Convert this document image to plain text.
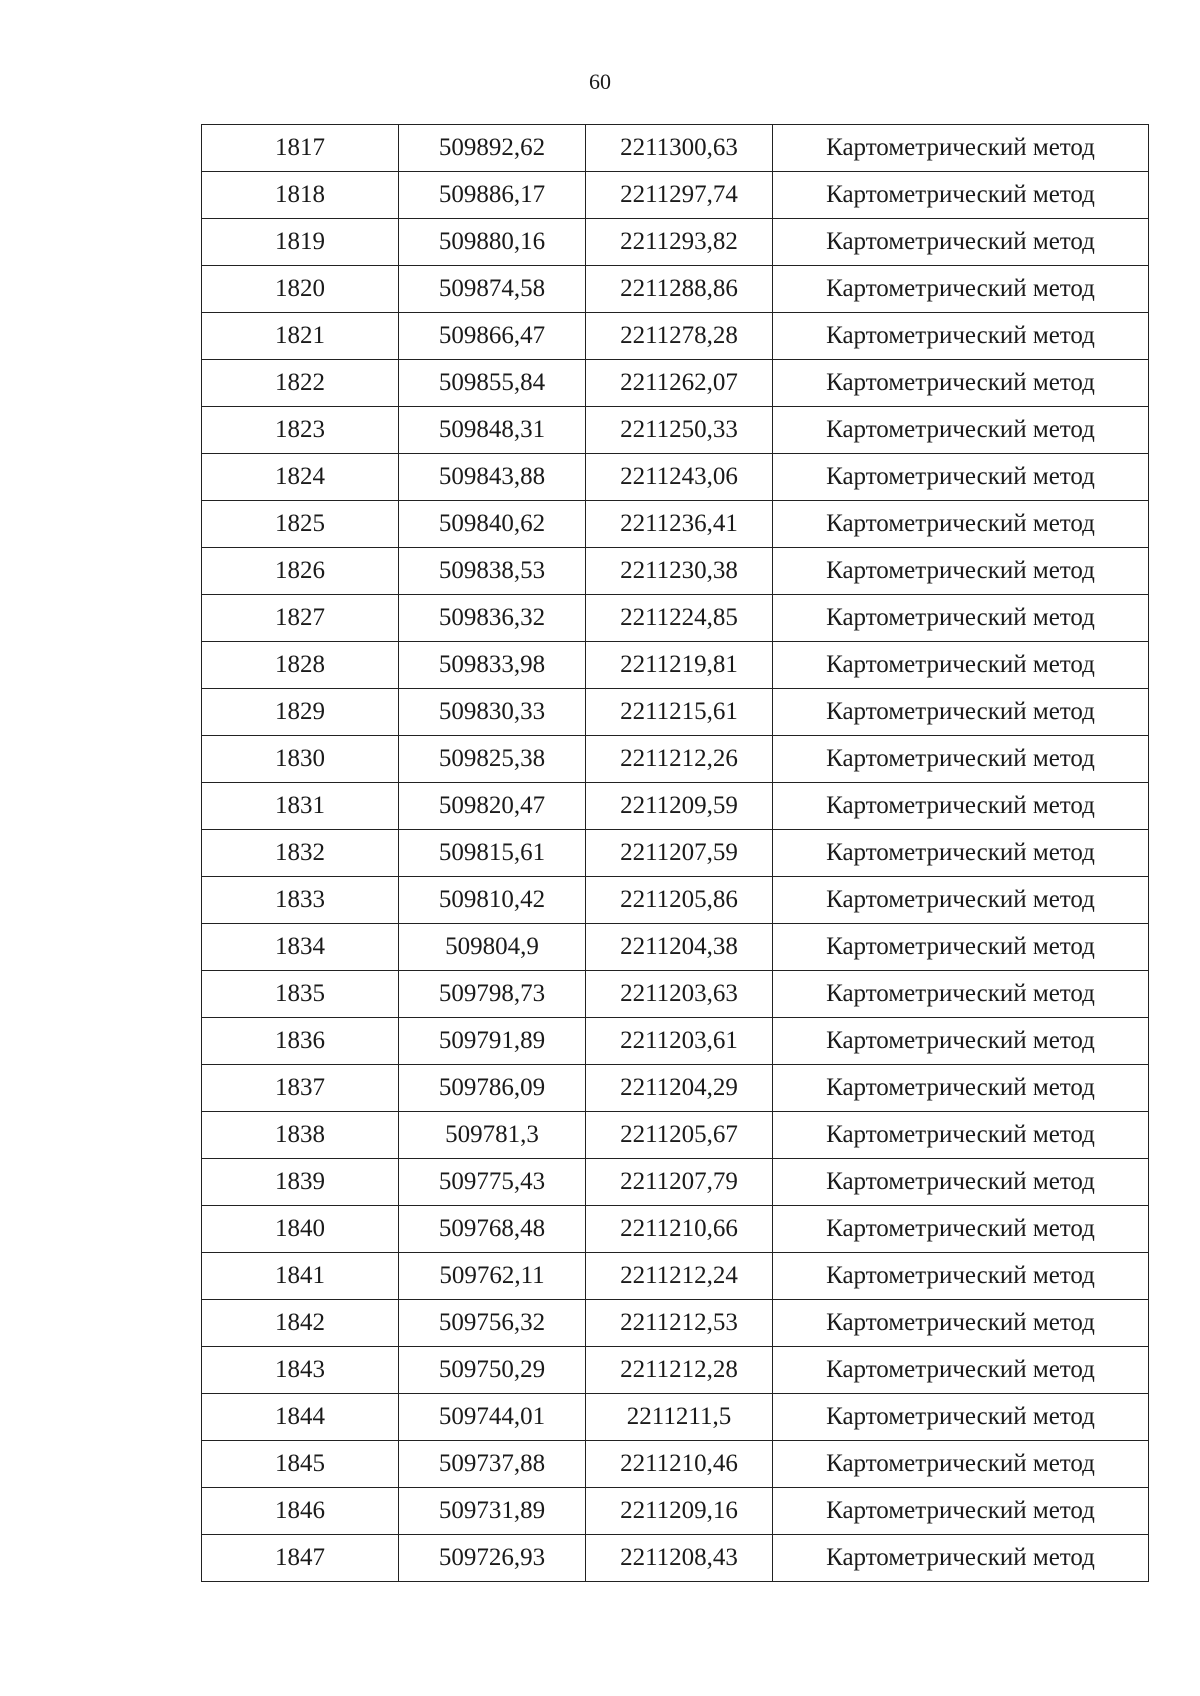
60
1817	509892,62	2211300,63	Картометрический метод
1818	509886,17	2211297,74	Картометрический метод
1819	509880,16	2211293,82	Картометрический метод
1820	509874,58	2211288,86	Картометрический метод
1821	509866,47	2211278,28	Картометрический метод
1822	509855,84	2211262,07	Картометрический метод
1823	509848,31	2211250,33	Картометрический метод
1824	509843,88	2211243,06	Картометрический метод
1825	509840,62	2211236,41	Картометрический метод
1826	509838,53	2211230,38	Картометрический метод
1827	509836,32	2211224,85	Картометрический метод
1828	509833,98	2211219,81	Картометрический метод
1829	509830,33	2211215,61	Картометрический метод
1830	509825,38	2211212,26	Картометрический метод
1831	509820,47	2211209,59	Картометрический метод
1832	509815,61	2211207,59	Картометрический метод
1833	509810,42	2211205,86	Картометрический метод
1834	509804,9	2211204,38	Картометрический метод
1835	509798,73	2211203,63	Картометрический метод
1836	509791,89	2211203,61	Картометрический метод
1837	509786,09	2211204,29	Картометрический метод
1838	509781,3	2211205,67	Картометрический метод
1839	509775,43	2211207,79	Картометрический метод
1840	509768,48	2211210,66	Картометрический метод
1841	509762,11	2211212,24	Картометрический метод
1842	509756,32	2211212,53	Картометрический метод
1843	509750,29	2211212,28	Картометрический метод
1844	509744,01	2211211,5	Картометрический метод
1845	509737,88	2211210,46	Картометрический метод
1846	509731,89	2211209,16	Картометрический метод
1847	509726,93	2211208,43	Картометрический метод
